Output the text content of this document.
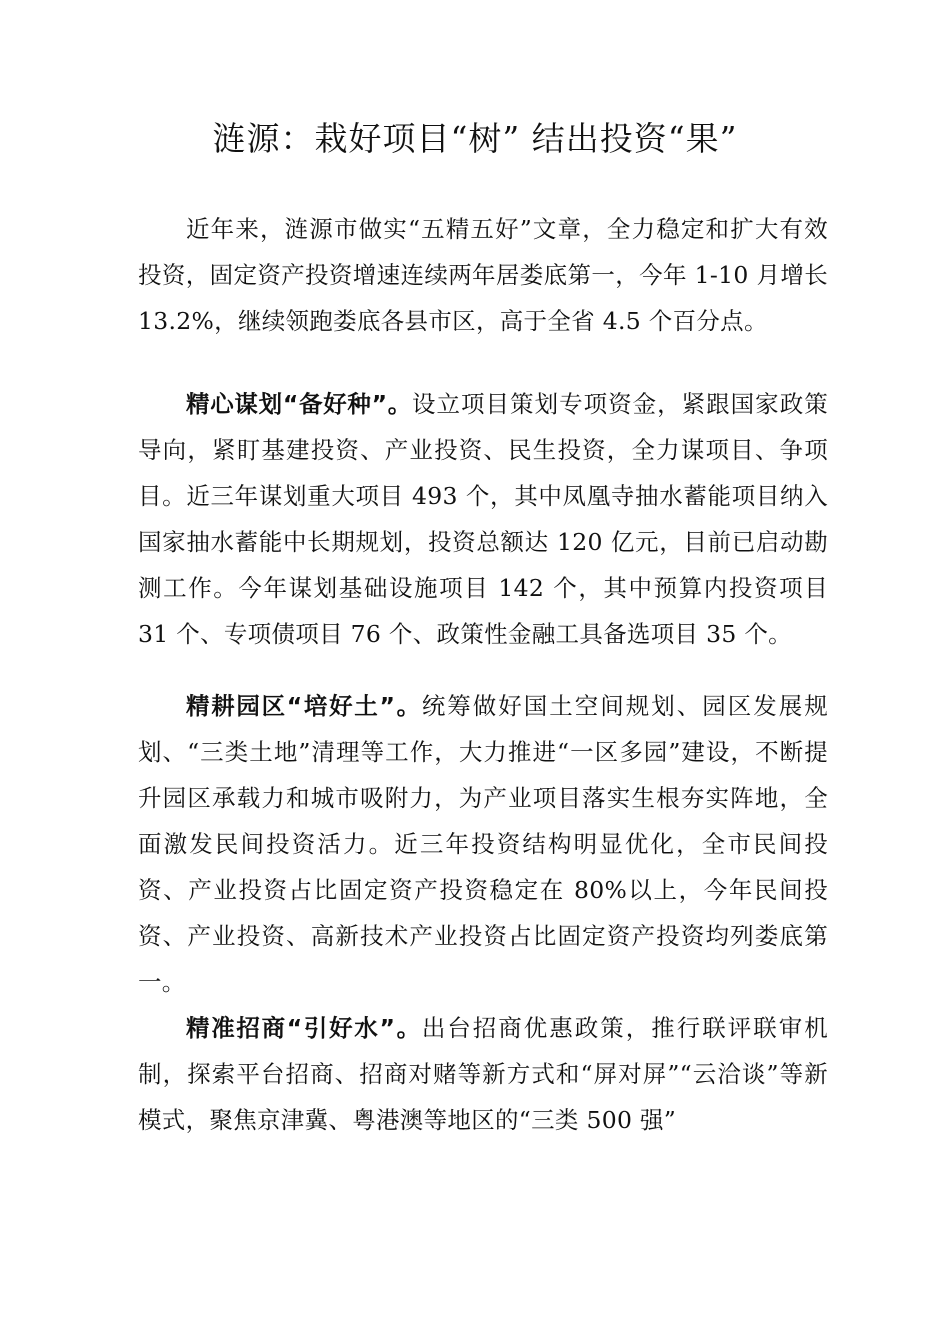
涟源：栽好项目“树” 结出投资“果”

近年来，涟源市做实“五精五好”文章，全力稳定和扩大有效投资，固定资产投资增速连续两年居娄底第一，今年 1-10 月增长 13.2%，继续领跑娄底各县市区，高于全省 4.5 个百分点。

精心谋划“备好种”。设立项目策划专项资金，紧跟国家政策导向，紧盯基建投资、产业投资、民生投资，全力谋项目、争项目。近三年谋划重大项目 493 个，其中凤凰寺抽水蓄能项目纳入国家抽水蓄能中长期规划，投资总额达 120 亿元，目前已启动勘测工作。今年谋划基础设施项目 142 个，其中预算内投资项目 31 个、专项债项目 76 个、政策性金融工具备选项目 35 个。

精耕园区“培好土”。统筹做好国土空间规划、园区发展规划、“三类土地”清理等工作，大力推进“一区多园”建设，不断提升园区承载力和城市吸附力，为产业项目落实生根夯实阵地，全面激发民间投资活力。近三年投资结构明显优化，全市民间投资、产业投资占比固定资产投资稳定在 80%以上，今年民间投资、产业投资、高新技术产业投资占比固定资产投资均列娄底第一。

精准招商“引好水”。出台招商优惠政策，推行联评联审机制，探索平台招商、招商对赌等新方式和“屏对屏”“云洽谈”等新模式，聚焦京津冀、粤港澳等地区的“三类 500 强”
